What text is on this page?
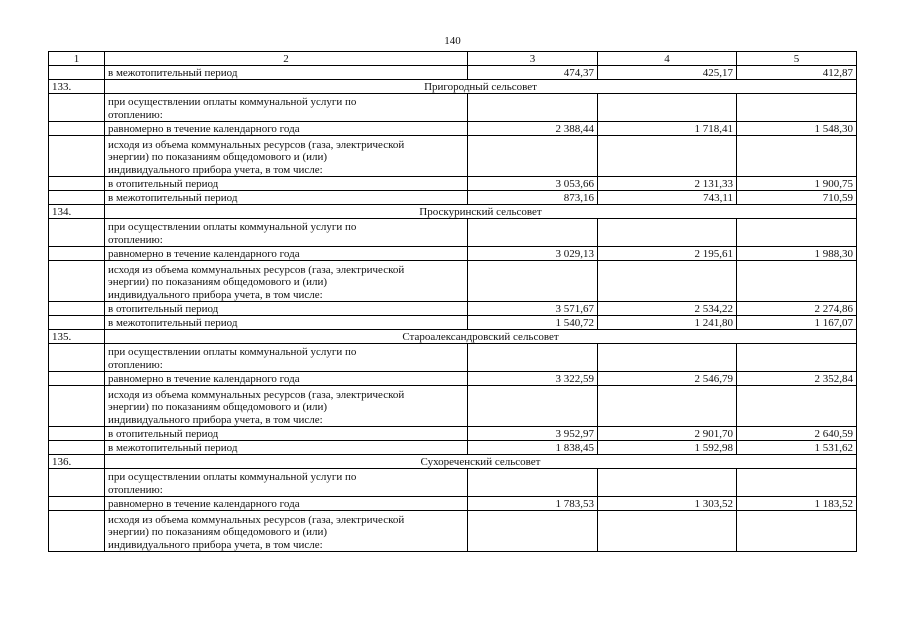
140
1	2	3	4	5
	в межотопительный период	474,37	425,17	412,87
133.	Пригородный сельсовет			

	при осуществлении оплаты коммунальной услуги по
отоплению:			

	равномерно в течение календарного года	2 388,44	1 718,41	1 548,30

	исходя из объема коммунальных ресурсов (газа, электрической
энергии) по показаниям общедомового и (или)
индивидуального прибора учета, в том числе:			

	в отопительный период	3 053,66	2 131,33	1 900,75
	в межотопительный период	873,16	743,11	710,59
134.	Проскуринский сельсовет			

	при осуществлении оплаты коммунальной услуги по
отоплению:			

	равномерно в течение календарного года	3 029,13	2 195,61	1 988,30

	исходя из объема коммунальных ресурсов (газа, электрической
энергии) по показаниям общедомового и (или)
индивидуального прибора учета, в том числе:			

	в отопительный период	3 571,67	2 534,22	2 274,86
	в межотопительный период	1 540,72	1 241,80	1 167,07
135.	Староалександровский сельсовет			

	при осуществлении оплаты коммунальной услуги по
отоплению:			

	равномерно в течение календарного года	3 322,59	2 546,79	2 352,84

	исходя из объема коммунальных ресурсов (газа, электрической
энергии) по показаниям общедомового и (или)
индивидуального прибора учета, в том числе:			

	в отопительный период	3 952,97	2 901,70	2 640,59
	в межотопительный период	1 838,45	1 592,98	1 531,62
136.	Сухореченский сельсовет			

	при осуществлении оплаты коммунальной услуги по
отоплению:			

	равномерно в течение календарного года	1 783,53	1 303,52	1 183,52

	исходя из объема коммунальных ресурсов (газа, электрической
энергии) по показаниям общедомового и (или)
индивидуального прибора учета, в том числе:			
